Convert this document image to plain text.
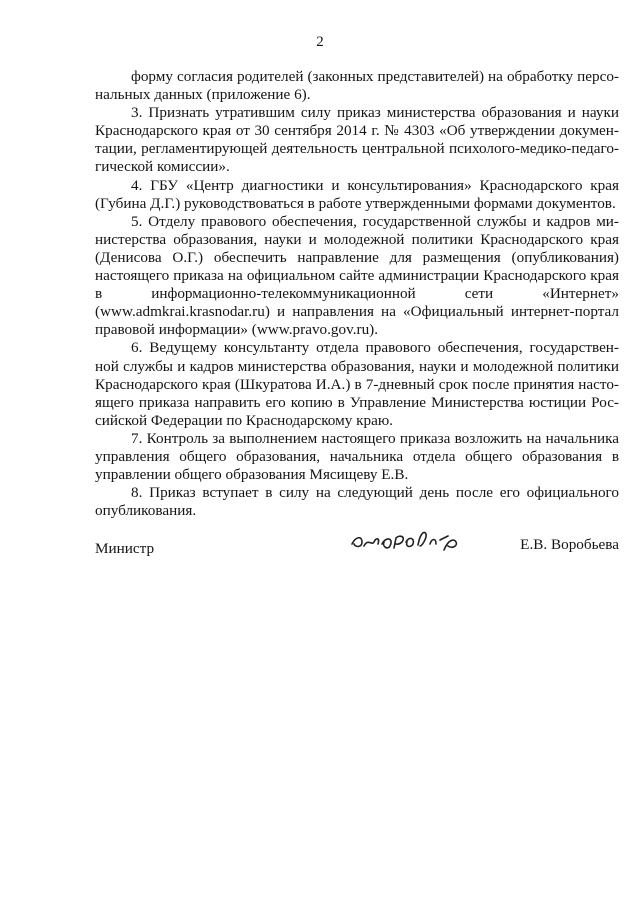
2

форму согласия родителей (законных представителей) на обработку персо-нальных данных (приложение 6).

3. Признать утратившим силу приказ министерства образования и науки Краснодарского края от 30 сентября 2014 г. № 4303 «Об утверждении докумен-тации, регламентирующей деятельность центральной психолого-медико-педаго-гической комиссии».

4. ГБУ «Центр диагностики и консультирования» Краснодарского края (Губина Д.Г.) руководствоваться в работе утвержденными формами документов.

5. Отделу правового обеспечения, государственной службы и кадров ми-нистерства образования, науки и молодежной политики Краснодарского края (Денисова О.Г.) обеспечить направление для размещения (опубликования) настоящего приказа на официальном сайте администрации Краснодарского края в информационно-телекоммуникационной сети «Интернет» (www.admkrai.krasnodar.ru) и направления на «Официальный интернет-портал правовой информации» (www.pravo.gov.ru).

6. Ведущему консультанту отдела правового обеспечения, государствен-ной службы и кадров министерства образования, науки и молодежной политики Краснодарского края (Шкуратова И.А.) в 7-дневный срок после принятия насто-ящего приказа направить его копию в Управление Министерства юстиции Рос-сийской Федерации по Краснодарскому краю.

7. Контроль за выполнением настоящего приказа возложить на начальника управления общего образования, начальника отдела общего образования в управлении общего образования Мясищеву Е.В.

8. Приказ вступает в силу на следующий день после его официального опубликования.

Министр	Е.В. Воробьева
